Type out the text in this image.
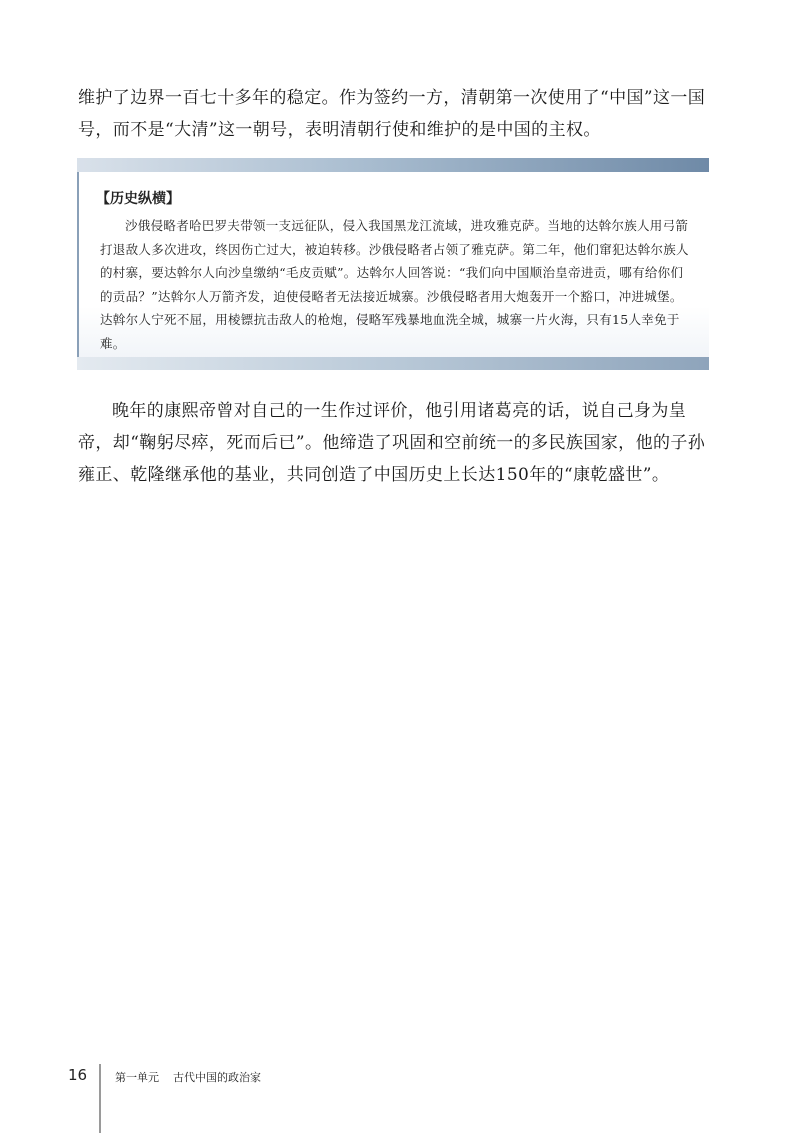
维护了边界一百七十多年的稳定。作为签约一方，清朝第一次使用了“中国”这一国号，而不是“大清”这一朝号，表明清朝行使和维护的是中国的主权。

【历史纵横】
沙俄侵略者哈巴罗夫带领一支远征队，侵入我国黑龙江流域，进攻雅克萨。当地的达斡尔族人用弓箭打退敌人多次进攻，终因伤亡过大，被迫转移。沙俄侵略者占领了雅克萨。第二年，他们窜犯达斡尔族人的村寨，要达斡尔人向沙皇缴纳“毛皮贡赋”。达斡尔人回答说：“我们向中国顺治皇帝进贡，哪有给你们的贡品？”达斡尔人万箭齐发，迫使侵略者无法接近城寨。沙俄侵略者用大炮轰开一个豁口，冲进城堡。达斡尔人宁死不屈，用棱镖抗击敌人的枪炮，侵略军残暴地血洗全城，城寨一片火海，只有15人幸免于难。

晚年的康熙帝曾对自己的一生作过评价，他引用诸葛亮的话，说自己身为皇帝，却“鞠躬尽瘁，死而后已”。他缔造了巩固和空前统一的多民族国家，他的子孙雍正、乾隆继承他的基业，共同创造了中国历史上长达150年的“康乾盛世”。

16	第一单元    古代中国的政治家
